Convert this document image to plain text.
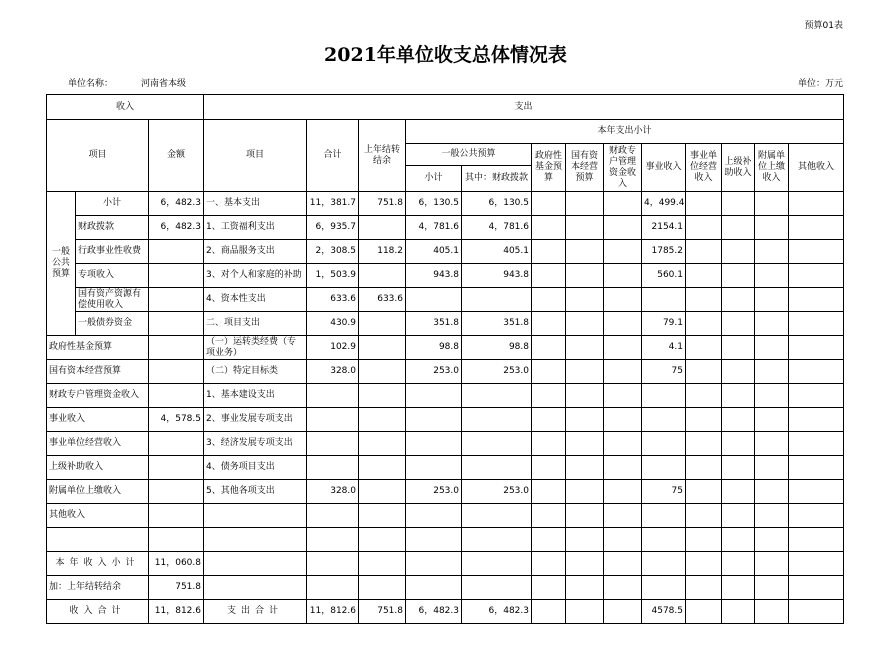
预算01表
2021年单位收支总体情况表
单位名称：	河南省本级	单位：万元
收入			支出												
项目		金额	项目	合计	上年结转结余	本年支出小计									
						一般公共预算		政府性基金预算	国有资本经营预算	财政专户管理资金收入	事业收入	事业单位经营收入	上级补助收入	附属单位上缴收入	其他收入
						小计	其中：财政拨款								
一般公共预算	小计	6，482.3	一、基本支出	11，381.7	751.8	6，130.5	6，130.5				4，499.4				
	财政拨款	6，482.3	1、工资福利支出	6，935.7		4，781.6	4，781.6				2154.1				
	行政事业性收费		2、商品服务支出	2，308.5	118.2	405.1	405.1				1785.2				
	专项收入		3、对个人和家庭的补助	1，503.9		943.8	943.8				560.1				
	国有资产资源有偿使用收入		4、资本性支出	633.6	633.6										
	一般债券资金		二、项目支出	430.9		351.8	351.8				79.1				
政府性基金预算			（一）运转类经费（专项业务）	102.9		98.8	98.8				4.1				
国有资本经营预算			（二）特定目标类	328.0		253.0	253.0				75				
财政专户管理资金收入			1、基本建设支出												
事业收入		4，578.5	2、事业发展专项支出												
事业单位经营收入			3、经济发展专项支出												
上级补助收入			4、债务项目支出												
附属单位上缴收入			5、其他各项支出	328.0		253.0	253.0				75				
其他收入															

本年收入小计		11，060.8													
加：上年结转结余		751.8													
收入合计		11，812.6	支出合计	11，812.6	751.8	6，482.3	6，482.3				4578.5				
